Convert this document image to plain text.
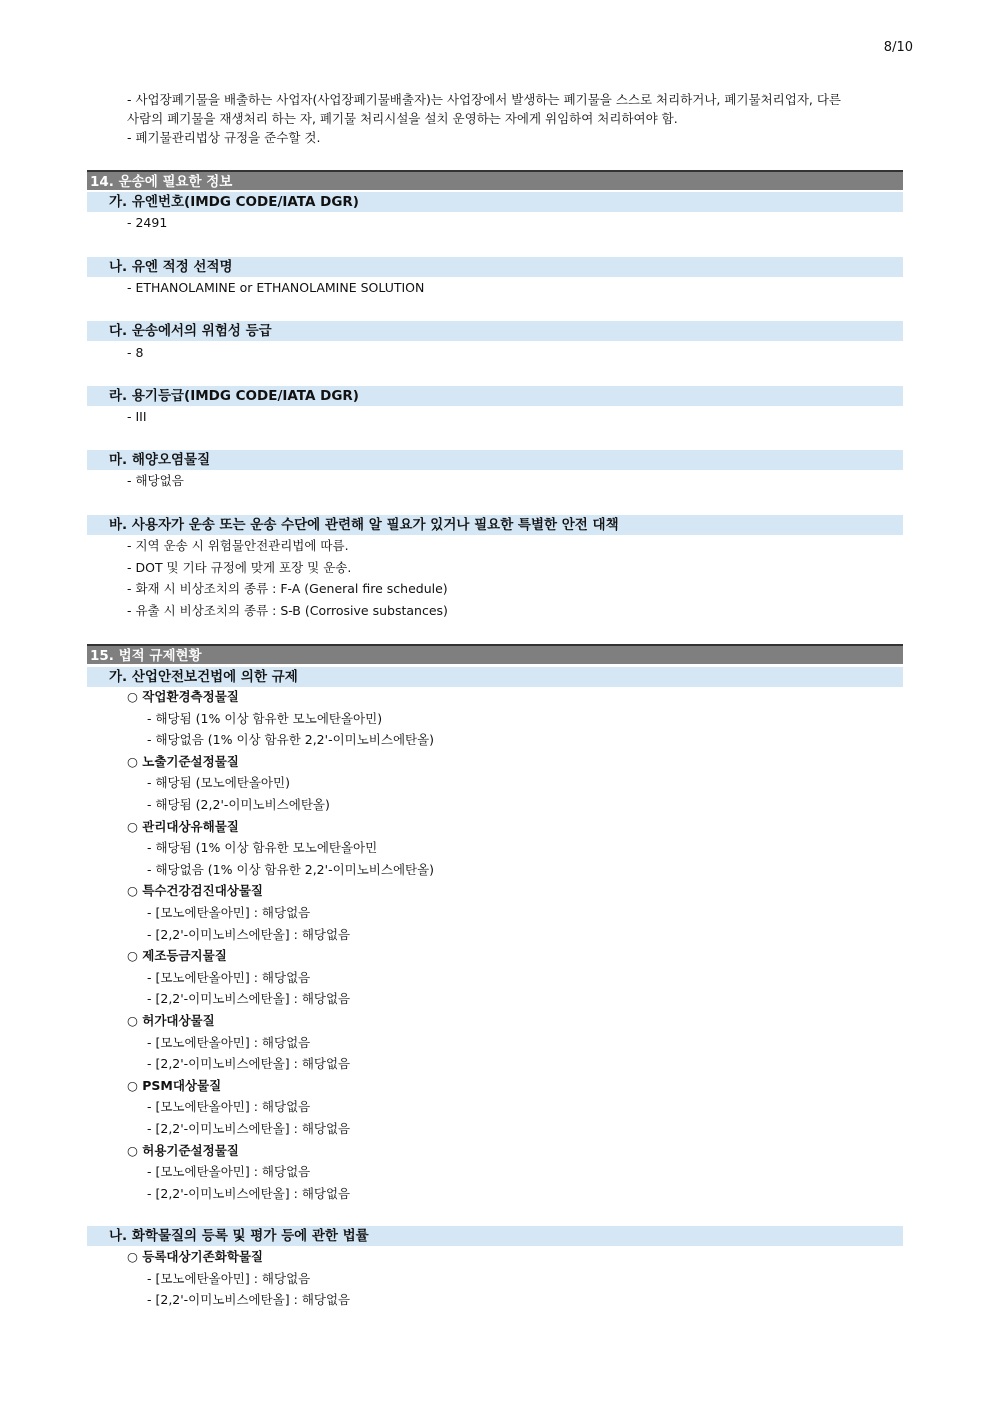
8/10
- 사업장폐기물을 배출하는 사업자(사업장폐기물배출자)는 사업장에서 발생하는 폐기물을 스스로 처리하거나, 폐기물처리업자, 다른
사람의 폐기물을 재생처리 하는 자, 폐기물 처리시설을 설치 운영하는 자에게 위임하여 처리하여야 함.
- 폐기물관리법상 규정을 준수할 것.
14. 운송에 필요한 정보
가. 유엔번호(IMDG CODE/IATA DGR)
- 2491
나. 유엔 적정 선적명
- ETHANOLAMINE or ETHANOLAMINE SOLUTION
다. 운송에서의 위험성 등급
- 8
라. 용기등급(IMDG CODE/IATA DGR)
- III
마. 해양오염물질
- 해당없음
바. 사용자가 운송 또는 운송 수단에 관련해 알 필요가 있거나 필요한 특별한 안전 대책
- 지역 운송 시 위험물안전관리법에 따름.
- DOT 및 기타 규정에 맞게 포장 및 운송.
- 화재 시 비상조치의 종류 : F-A (General fire schedule)
- 유출 시 비상조치의 종류 : S-B (Corrosive substances)
15. 법적 규제현황
가. 산업안전보건법에 의한 규제
나. 화학물질의 등록 및 평가 등에 관한 법률
○ 작업환경측정물질
- 해당됨 (1% 이상 함유한 모노에탄올아민)
- 해당없음 (1% 이상 함유한 2,2'-이미노비스에탄올)
○ 노출기준설정물질
- 해당됨 (모노에탄올아민)
- 해당됨 (2,2'-이미노비스에탄올)
○ 관리대상유해물질
- 해당됨 (1% 이상 함유한 모노에탄올아민
- 해당없음 (1% 이상 함유한 2,2'-이미노비스에탄올)
○ 특수건강검진대상물질
- [모노에탄올아민] : 해당없음
- [2,2'-이미노비스에탄올] : 해당없음
○ 제조등금지물질
- [모노에탄올아민] : 해당없음
- [2,2'-이미노비스에탄올] : 해당없음
○ 허가대상물질
- [모노에탄올아민] : 해당없음
- [2,2'-이미노비스에탄올] : 해당없음
○ PSM대상물질
- [모노에탄올아민] : 해당없음
- [2,2'-이미노비스에탄올] : 해당없음
○ 허용기준설정물질
- [모노에탄올아민] : 해당없음
- [2,2'-이미노비스에탄올] : 해당없음
○ 등록대상기존화학물질
- [모노에탄올아민] : 해당없음
- [2,2'-이미노비스에탄올] : 해당없음
